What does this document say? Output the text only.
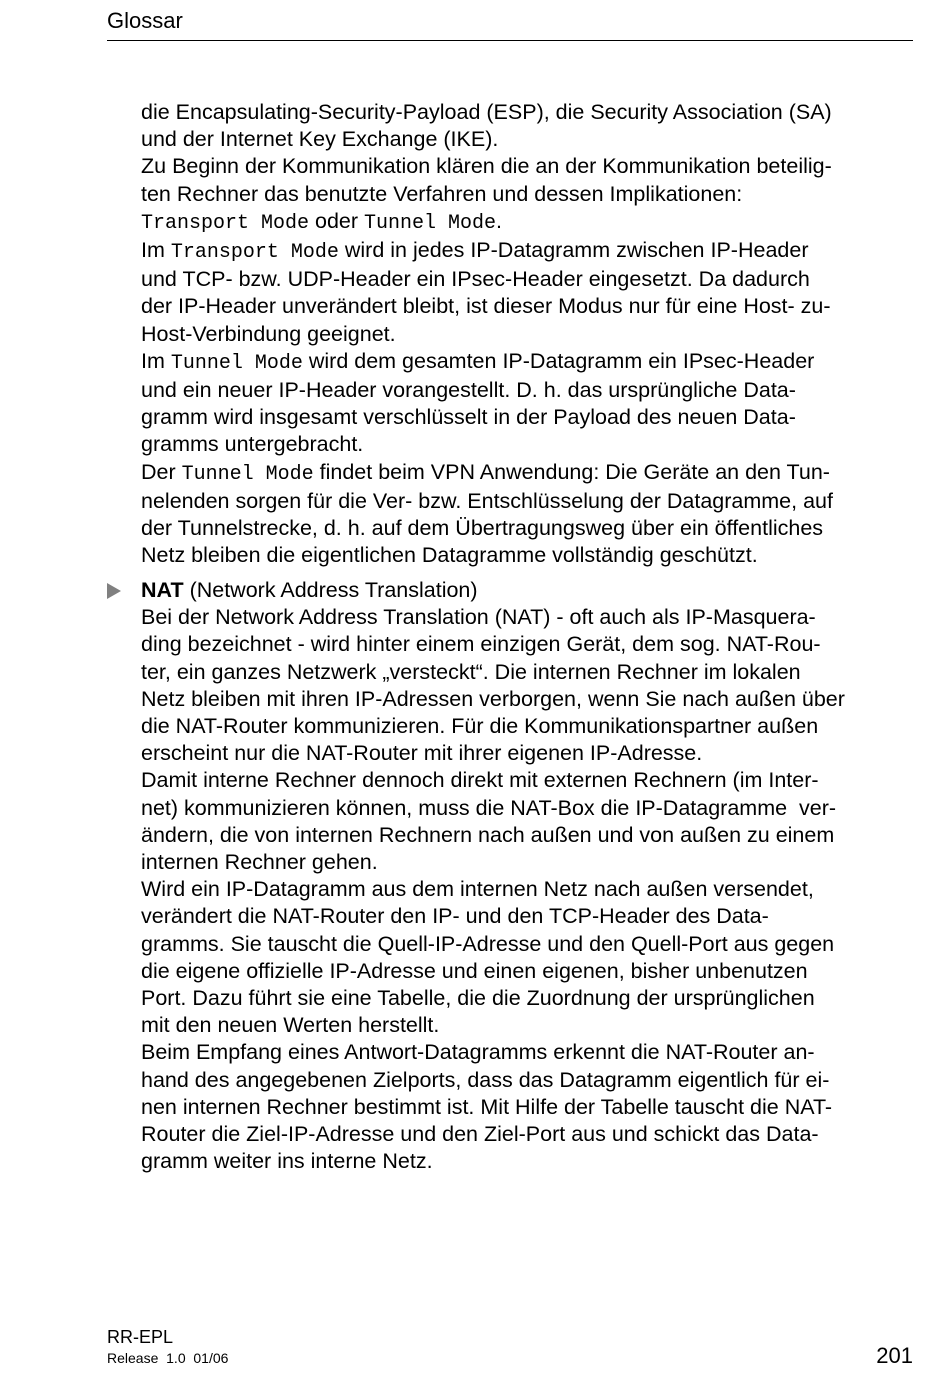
Glossar
die Encapsulating-Security-Payload (ESP), die Security Association (SA)
und der Internet Key Exchange (IKE).
Zu Beginn der Kommunikation klären die an der Kommunikation beteilig-
ten Rechner das benutzte Verfahren und dessen Implikationen:
Transport Mode oder Tunnel Mode.
Im Transport Mode wird in jedes IP-Datagramm zwischen IP-Header
und TCP- bzw. UDP-Header ein IPsec-Header eingesetzt. Da dadurch
der IP-Header unverändert bleibt, ist dieser Modus nur für eine Host- zu-
Host-Verbindung geeignet.
Im Tunnel Mode wird dem gesamten IP-Datagramm ein IPsec-Header
und ein neuer IP-Header vorangestellt. D. h. das ursprüngliche Data-
gramm wird insgesamt verschlüsselt in der Payload des neuen Data-
gramms untergebracht.
Der Tunnel Mode findet beim VPN Anwendung: Die Geräte an den Tun-
nelenden sorgen für die Ver- bzw. Entschlüsselung der Datagramme, auf
der Tunnelstrecke, d. h. auf dem Übertragungsweg über ein öffentliches
Netz bleiben die eigentlichen Datagramme vollständig geschützt.
NAT (Network Address Translation)
Bei der Network Address Translation (NAT) - oft auch als IP-Masquera-
ding bezeichnet - wird hinter einem einzigen Gerät, dem sog. NAT-Rou-
ter, ein ganzes Netzwerk „versteckt“. Die internen Rechner im lokalen
Netz bleiben mit ihren IP-Adressen verborgen, wenn Sie nach außen über
die NAT-Router kommunizieren. Für die Kommunikationspartner außen
erscheint nur die NAT-Router mit ihrer eigenen IP-Adresse.
Damit interne Rechner dennoch direkt mit externen Rechnern (im Inter-
net) kommunizieren können, muss die NAT-Box die IP-Datagramme  ver-
ändern, die von internen Rechnern nach außen und von außen zu einem
internen Rechner gehen.
Wird ein IP-Datagramm aus dem internen Netz nach außen versendet,
verändert die NAT-Router den IP- und den TCP-Header des Data-
gramms. Sie tauscht die Quell-IP-Adresse und den Quell-Port aus gegen
die eigene offizielle IP-Adresse und einen eigenen, bisher unbenutzen
Port. Dazu führt sie eine Tabelle, die die Zuordnung der ursprünglichen
mit den neuen Werten herstellt.
Beim Empfang eines Antwort-Datagramms erkennt die NAT-Router an-
hand des angegebenen Zielports, dass das Datagramm eigentlich für ei-
nen internen Rechner bestimmt ist. Mit Hilfe der Tabelle tauscht die NAT-
Router die Ziel-IP-Adresse und den Ziel-Port aus und schickt das Data-
gramm weiter ins interne Netz.
RR-EPL
Release  1.0  01/06	201
